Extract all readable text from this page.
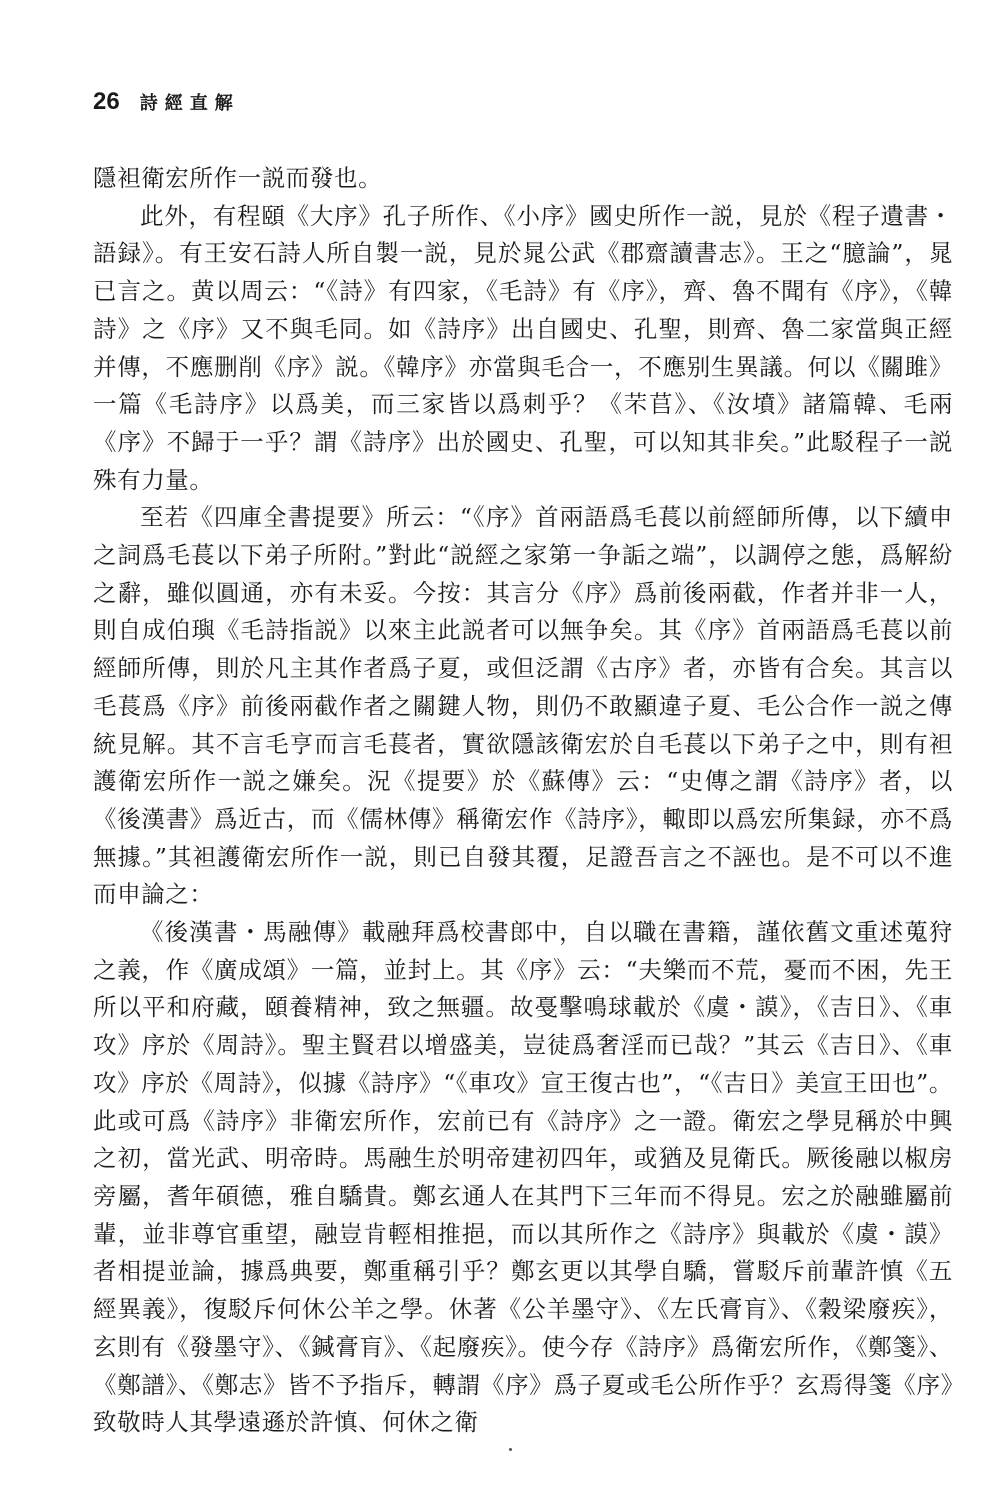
26 詩經直解

隱袒衛宏所作一説而發也。

此外，有程頤《大序》孔子所作、《小序》國史所作一説，見於《程子遺書・語録》。有王安石詩人所自製一説，見於晁公武《郡齋讀書志》。王之“臆論”，晁已言之。黄以周云：“《詩》有四家，《毛詩》有《序》，齊、魯不聞有《序》，《韓詩》之《序》又不與毛同。如《詩序》出自國史、孔聖，則齊、魯二家當與正經并傳，不應删削《序》説。《韓序》亦當與毛合一，不應别生異議。何以《關雎》一篇《毛詩序》以爲美，而三家皆以爲刺乎？《芣苢》、《汝墳》諸篇韓、毛兩《序》不歸于一乎？謂《詩序》出於國史、孔聖，可以知其非矣。”此駁程子一説殊有力量。

至若《四庫全書提要》所云：“《序》首兩語爲毛萇以前經師所傳，以下續申之詞爲毛萇以下弟子所附。”對此“説經之家第一争詬之端”，以調停之態，爲解紛之辭，雖似圓通，亦有未妥。今按：其言分《序》爲前後兩截，作者并非一人，則自成伯璵《毛詩指説》以來主此説者可以無争矣。其《序》首兩語爲毛萇以前經師所傳，則於凡主其作者爲子夏，或但泛謂《古序》者，亦皆有合矣。其言以毛萇爲《序》前後兩截作者之關鍵人物，則仍不敢顯違子夏、毛公合作一説之傳統見解。其不言毛亨而言毛萇者，實欲隱該衛宏於自毛萇以下弟子之中，則有袒護衛宏所作一説之嫌矣。況《提要》於《蘇傳》云：“史傳之謂《詩序》者，以《後漢書》爲近古，而《儒林傳》稱衛宏作《詩序》，輙即以爲宏所集録，亦不爲無據。”其袒護衛宏所作一説，則已自發其覆，足證吾言之不誣也。是不可以不進而申論之：

《後漢書・馬融傳》載融拜爲校書郎中，自以職在書籍，謹依舊文重述蒐狩之義，作《廣成頌》一篇，並封上。其《序》云：“夫樂而不荒，憂而不困，先王所以平和府藏，頤養精神，致之無疆。故戞擊鳴球載於《虞・謨》，《吉日》、《車攻》序於《周詩》。聖主賢君以增盛美，豈徒爲奢淫而已哉？”其云《吉日》、《車攻》序於《周詩》，似據《詩序》“《車攻》宣王復古也”，“《吉日》美宣王田也”。此或可爲《詩序》非衛宏所作，宏前已有《詩序》之一證。衛宏之學見稱於中興之初，當光武、明帝時。馬融生於明帝建初四年，或猶及見衛氏。厥後融以椒房旁屬，耆年碩德，雅自驕貴。鄭玄通人在其門下三年而不得見。宏之於融雖屬前輩，並非尊官重望，融豈肯輕相推挹，而以其所作之《詩序》與載於《虞・謨》者相提並論，據爲典要，鄭重稱引乎？鄭玄更以其學自驕，嘗駁斥前輩許慎《五經異義》，復駁斥何休公羊之學。休著《公羊墨守》、《左氏膏肓》、《穀梁廢疾》，玄則有《發墨守》、《鍼膏肓》、《起廢疾》。使今存《詩序》爲衛宏所作，《鄭箋》、《鄭譜》、《鄭志》皆不予指斥，轉謂《序》爲子夏或毛公所作乎？玄焉得箋《序》致敬時人其學遠遜於許慎、何休之衛
